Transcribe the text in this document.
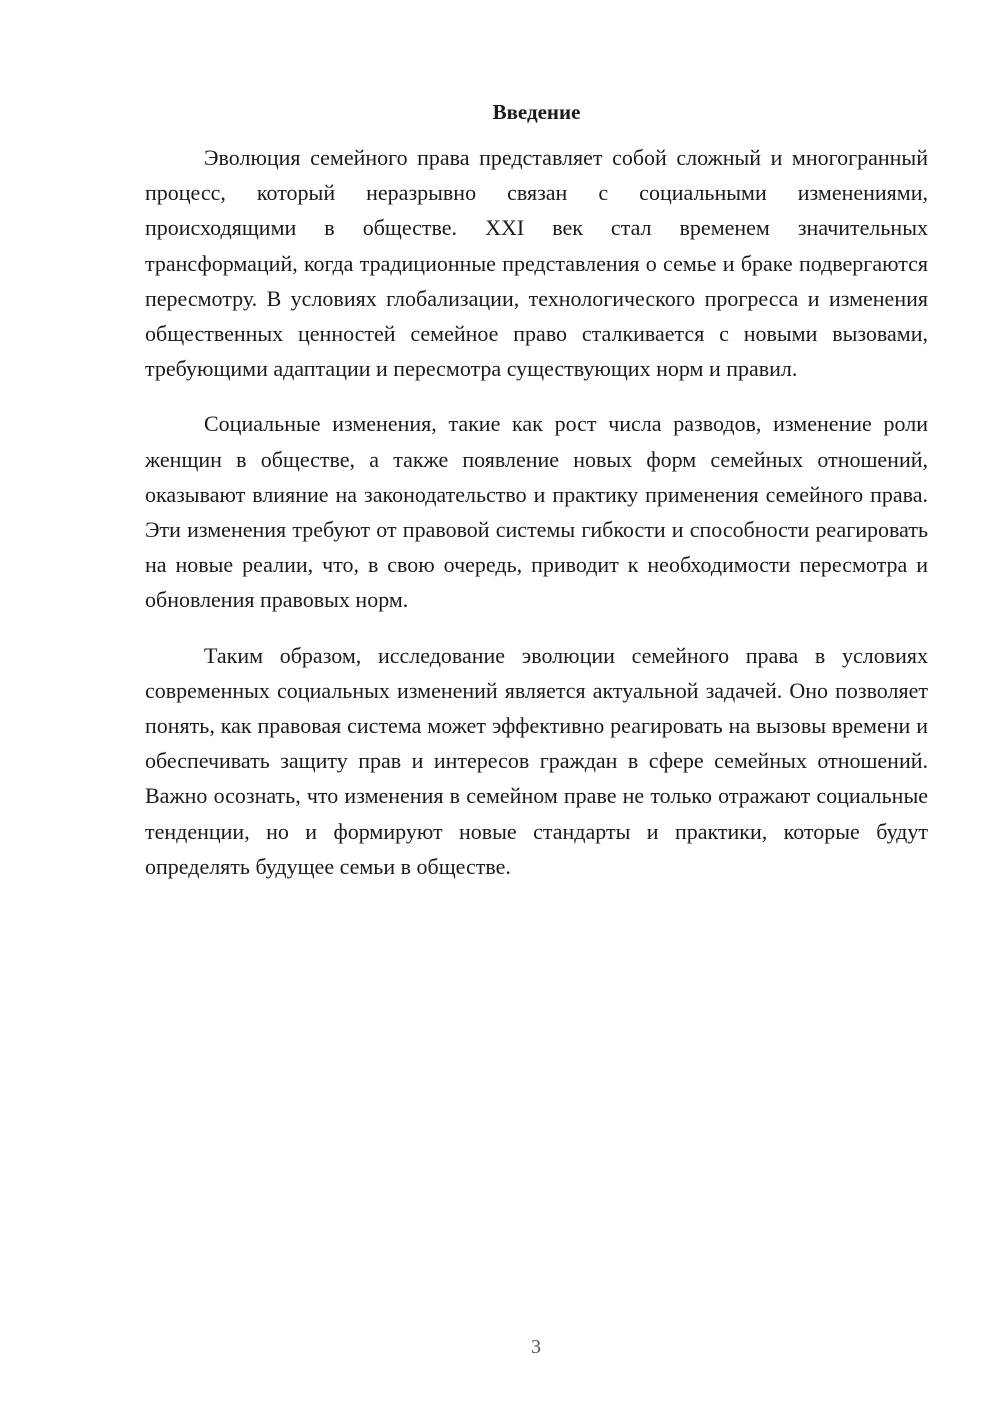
Введение

Эволюция семейного права представляет собой сложный и многогранный процесс, который неразрывно связан с социальными изменениями, происходящими в обществе. XXI век стал временем значительных трансформаций, когда традиционные представления о семье и браке подвергаются пересмотру. В условиях глобализации, технологического прогресса и изменения общественных ценностей семейное право сталкивается с новыми вызовами, требующими адаптации и пересмотра существующих норм и правил.

Социальные изменения, такие как рост числа разводов, изменение роли женщин в обществе, а также появление новых форм семейных отношений, оказывают влияние на законодательство и практику применения семейного права. Эти изменения требуют от правовой системы гибкости и способности реагировать на новые реалии, что, в свою очередь, приводит к необходимости пересмотра и обновления правовых норм.

Таким образом, исследование эволюции семейного права в условиях современных социальных изменений является актуальной задачей. Оно позволяет понять, как правовая система может эффективно реагировать на вызовы времени и обеспечивать защиту прав и интересов граждан в сфере семейных отношений. Важно осознать, что изменения в семейном праве не только отражают социальные тенденции, но и формируют новые стандарты и практики, которые будут определять будущее семьи в обществе.

3
